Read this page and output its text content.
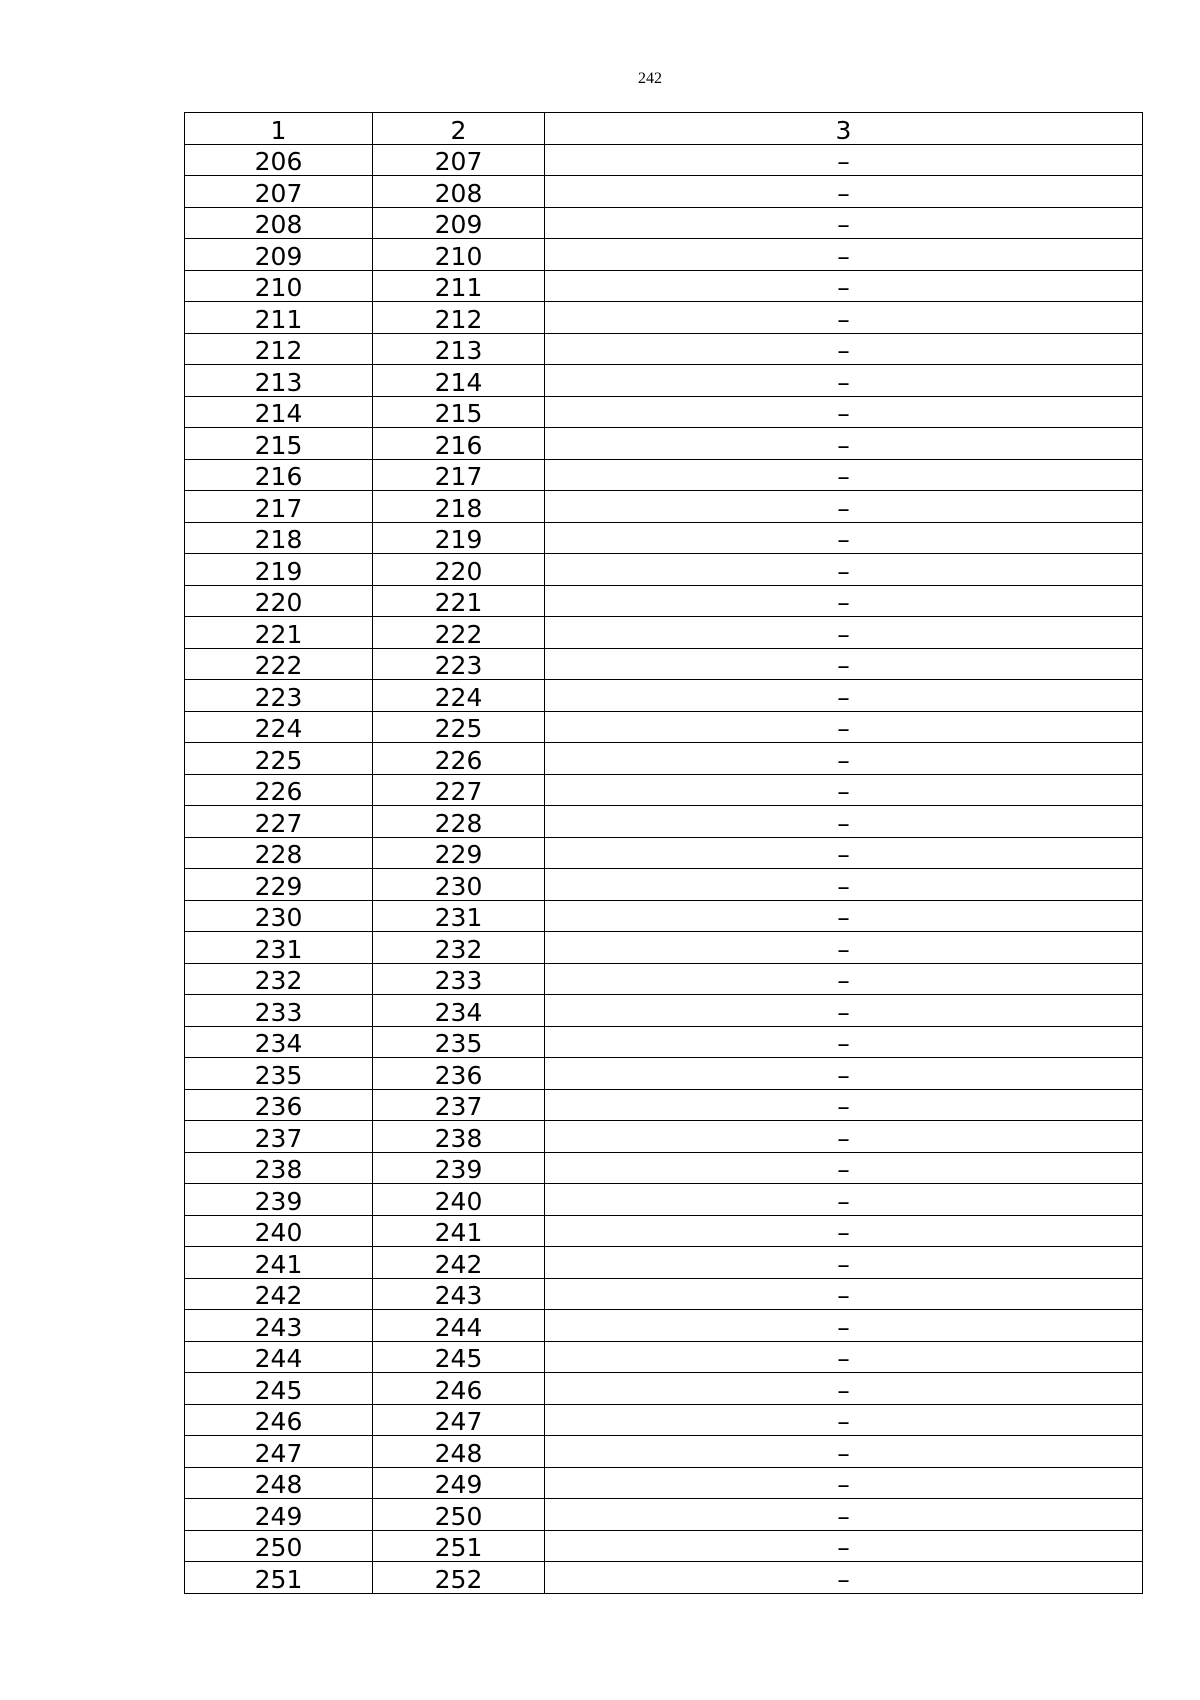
242
1	2	3
206	207	–
207	208	–
208	209	–
209	210	–
210	211	–
211	212	–
212	213	–
213	214	–
214	215	–
215	216	–
216	217	–
217	218	–
218	219	–
219	220	–
220	221	–
221	222	–
222	223	–
223	224	–
224	225	–
225	226	–
226	227	–
227	228	–
228	229	–
229	230	–
230	231	–
231	232	–
232	233	–
233	234	–
234	235	–
235	236	–
236	237	–
237	238	–
238	239	–
239	240	–
240	241	–
241	242	–
242	243	–
243	244	–
244	245	–
245	246	–
246	247	–
247	248	–
248	249	–
249	250	–
250	251	–
251	252	–
